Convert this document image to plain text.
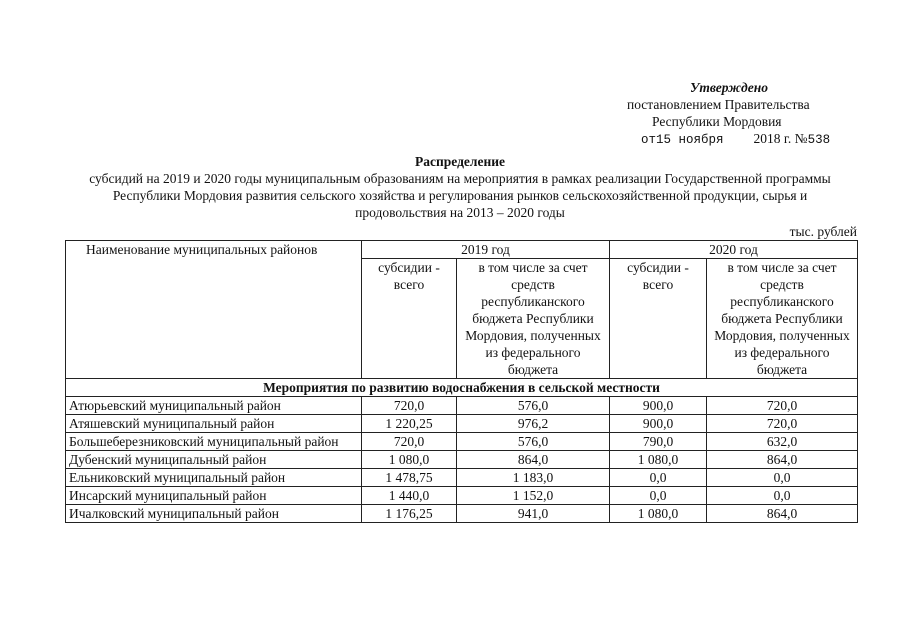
Утверждено
постановлением Правительства
Республики Мордовия
от15 ноября 2018 г. №538
Распределение
субсидий на 2019 и 2020 годы муниципальным образованиям на мероприятия в рамках реализации Государственной программы Республики Мордовия развития сельского хозяйства и регулирования рынков сельскохозяйственной продукции, сырья и продовольствия на 2013 – 2020 годы
тыс. рублей
Наименование муниципальных районов	2019 год		2020 год	
	субсидии - всего	в том числе за счет средств республиканского бюджета Республики Мордовия, полученных из федерального бюджета	субсидии - всего	в том числе за счет средств республиканского бюджета Республики Мордовия, полученных из федерального бюджета
Мероприятия по развитию водоснабжения в сельской местности				
Атюрьевский муниципальный район	720,0	576,0	900,0	720,0
Атяшевский муниципальный район	1 220,25	976,2	900,0	720,0
Большеберезниковский муниципальный район	720,0	576,0	790,0	632,0
Дубенский муниципальный район	1 080,0	864,0	1 080,0	864,0
Ельниковский муниципальный район	1 478,75	1 183,0	0,0	0,0
Инсарский муниципальный район	1 440,0	1 152,0	0,0	0,0
Ичалковский муниципальный район	1 176,25	941,0	1 080,0	864,0
